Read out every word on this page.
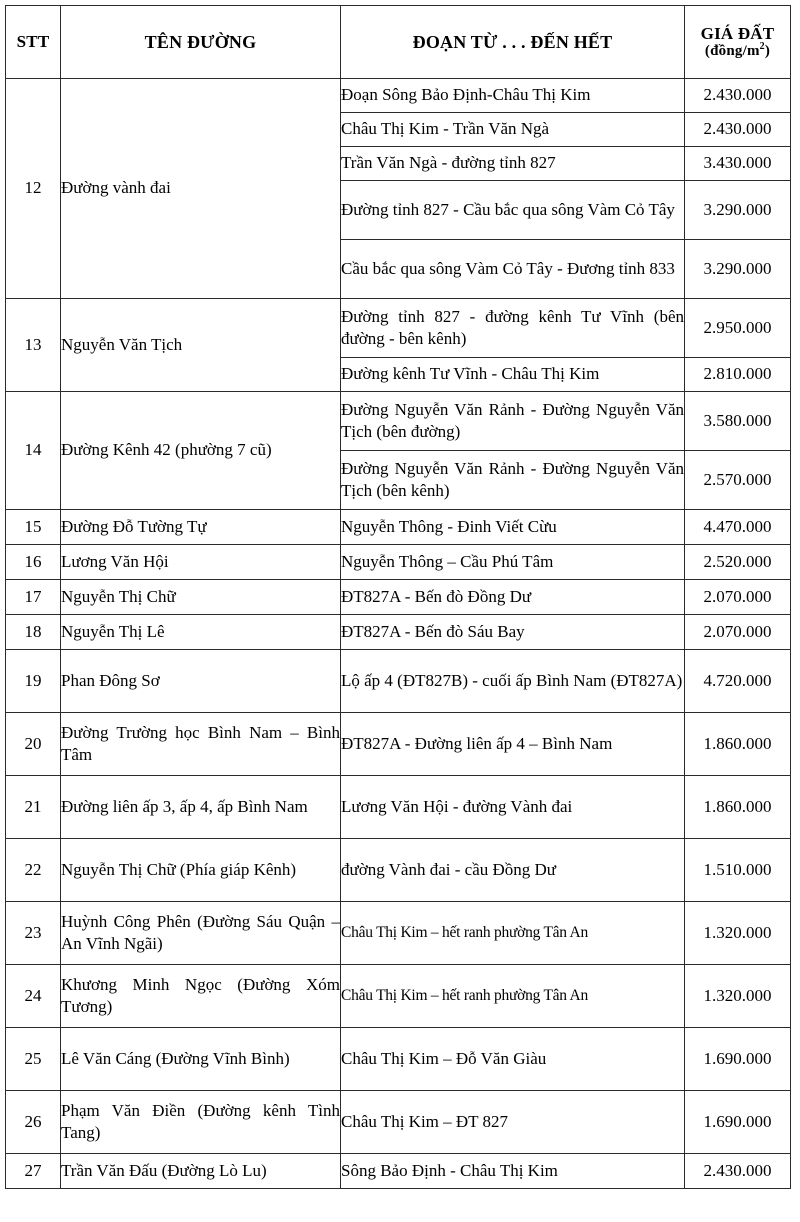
STT	TÊN ĐƯỜNG	ĐOẠN TỪ . . . ĐẾN HẾT	GIÁ ĐẤT
$(đồng/m^2)$

12	Đường vành đai	Đoạn Sông Bảo Định-Châu Thị Kim	2.430.000
		Châu Thị Kim - Trần Văn Ngà	2.430.000
		Trần Văn Ngà - đường tỉnh 827	3.430.000
		Đường tỉnh 827 - Cầu bắc qua sông Vàm Cỏ Tây	3.290.000
		Cầu bắc qua sông Vàm Cỏ Tây - Đương tỉnh 833	3.290.000
13	Nguyễn Văn Tịch	Đường tỉnh 827 - đường kênh Tư Vĩnh (bên đường - bên kênh)	2.950.000
		Đường kênh Tư Vĩnh - Châu Thị Kim	2.810.000
14	Đường Kênh 42 (phường 7 cũ)	Đường Nguyễn Văn Rảnh - Đường Nguyễn Văn Tịch (bên đường)	3.580.000
		Đường Nguyễn Văn Rảnh - Đường Nguyễn Văn Tịch (bên kênh)	2.570.000
15	Đường Đỗ Tường Tự	Nguyễn Thông - Đinh Viết Cừu	4.470.000
16	Lương Văn Hội	Nguyễn Thông – Cầu Phú Tâm	2.520.000
17	Nguyễn Thị Chữ	ĐT827A - Bến đò Đồng Dư	2.070.000
18	Nguyễn Thị Lê	ĐT827A - Bến đò Sáu Bay	2.070.000
19	Phan Đông Sơ	Lộ ấp 4 (ĐT827B) - cuối ấp Bình Nam (ĐT827A)	4.720.000
20	Đường Trường học Bình Nam – Bình Tâm	ĐT827A - Đường liên ấp 4 – Bình Nam	1.860.000
21	Đường liên ấp 3, ấp 4, ấp Bình Nam	Lương Văn Hội - đường Vành đai	1.860.000
22	Nguyễn Thị Chữ (Phía giáp Kênh)	đường Vành đai - cầu Đồng Dư	1.510.000
23	Huỳnh Công Phên (Đường Sáu Quận – An Vĩnh Ngãi)	Châu Thị Kim – hết ranh phường Tân An	1.320.000
24	Khương Minh Ngọc (Đường Xóm Tương)	Châu Thị Kim – hết ranh phường Tân An	1.320.000
25	Lê Văn Cáng (Đường Vĩnh Bình)	Châu Thị Kim – Đỗ Văn Giàu	1.690.000
26	Phạm Văn Điền (Đường kênh Tình Tang)	Châu Thị Kim – ĐT 827	1.690.000
27	Trần Văn Đấu (Đường Lò Lu)	Sông Bảo Định - Châu Thị Kim	2.430.000
